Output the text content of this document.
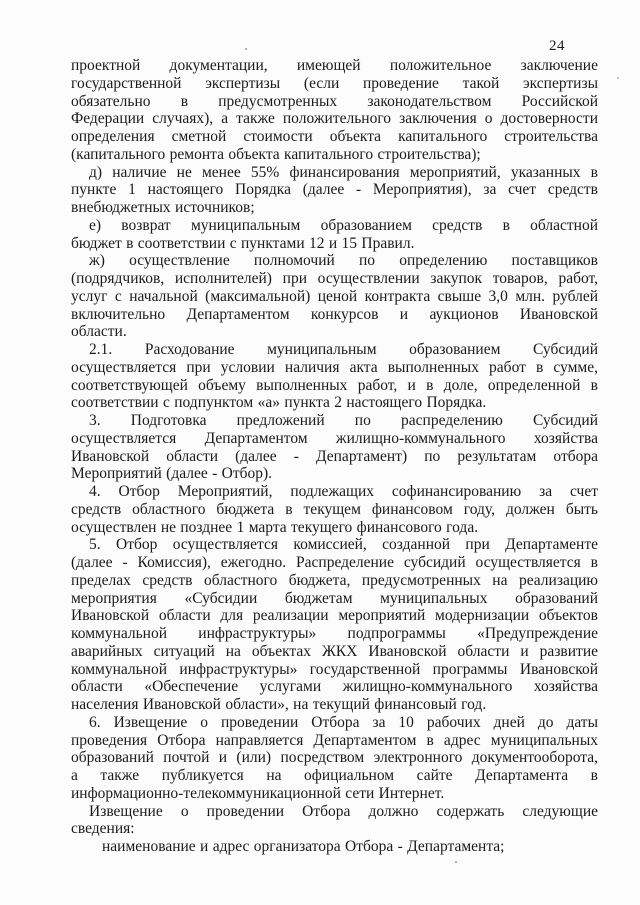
24
проектной документации, имеющей положительное заключение
государственной экспертизы (если проведение такой экспертизы
обязательно в предусмотренных законодательством Российской
Федерации случаях), а также положительного заключения о достоверности
определения сметной стоимости объекта капитального строительства
(капитального ремонта объекта капитального строительства);
д) наличие не менее 55% финансирования мероприятий, указанных в
пункте 1 настоящего Порядка (далее - Мероприятия), за счет средств
внебюджетных источников;
е) возврат муниципальным образованием средств в областной
бюджет в соответствии с пунктами 12 и 15 Правил.
ж) осуществление полномочий по определению поставщиков
(подрядчиков, исполнителей) при осуществлении закупок товаров, работ,
услуг с начальной (максимальной) ценой контракта свыше 3,0 млн. рублей
включительно Департаментом конкурсов и аукционов Ивановской
области.
2.1. Расходование муниципальным образованием Субсидий
осуществляется при условии наличия акта выполненных работ в сумме,
соответствующей объему выполненных работ, и в доле, определенной в
соответствии с подпунктом «а» пункта 2 настоящего Порядка.
3. Подготовка предложений по распределению Субсидий
осуществляется Департаментом жилищно-коммунального хозяйства
Ивановской области (далее - Департамент) по результатам отбора
Мероприятий (далее - Отбор).
4. Отбор Мероприятий, подлежащих софинансированию за счет
средств областного бюджета в текущем финансовом году, должен быть
осуществлен не позднее 1 марта текущего финансового года.
5. Отбор осуществляется комиссией, созданной при Департаменте
(далее - Комиссия), ежегодно. Распределение субсидий осуществляется в
пределах средств областного бюджета, предусмотренных на реализацию
мероприятия «Субсидии бюджетам муниципальных образований
Ивановской области для реализации мероприятий модернизации объектов
коммунальной инфраструктуры» подпрограммы «Предупреждение
аварийных ситуаций на объектах ЖКХ Ивановской области и развитие
коммунальной инфраструктуры» государственной программы Ивановской
области «Обеспечение услугами жилищно-коммунального хозяйства
населения Ивановской области», на текущий финансовый год.
6. Извещение о проведении Отбора за 10 рабочих дней до даты
проведения Отбора направляется Департаментом в адрес муниципальных
образований почтой и (или) посредством электронного документооборота,
а также публикуется на официальном сайте Департамента в
информационно-телекоммуникационной сети Интернет.
Извещение о проведении Отбора должно содержать следующие
сведения:
наименование и адрес организатора Отбора - Департамента;
